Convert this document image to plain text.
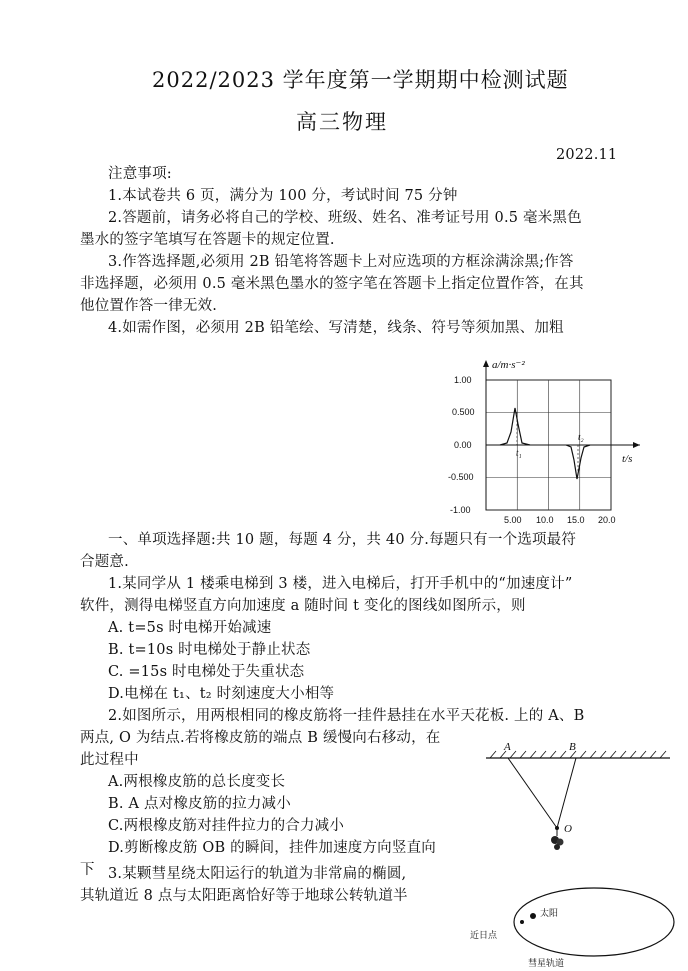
2022/2023 学年度第一学期期中检测试题
高三物理
2022.11
注意事项:
1.本试卷共 6 页，满分为 100 分，考试时间 75 分钟
2.答题前，请务必将自己的学校、班级、姓名、准考证号用 0.5 毫米黑色
墨水的签字笔填写在答题卡的规定位置.
3.作答选择题,必须用 2B 铅笔将答题卡上对应选项的方框涂满涂黑;作答
非选择题，必须用 0.5 毫米黑色墨水的签字笔在答题卡上指定位置作答，在其
他位置作答一律无效.
4.如需作图，必须用 2B 铅笔绘、写清楚，线条、符号等须加黑、加粗
a/m·s⁻²
t/s
1.00
0.500
0.00
-0.500
-1.00
5.00 10.0 15.0 20.0
t₁
t₂
一、单项选择题:共 10 题，每题 4 分，共 40 分.每题只有一个选项最符
合题意.
1.某同学从 1 楼乘电梯到 3 楼，进入电梯后，打开手机中的“加速度计”
软件，测得电梯竖直方向加速度 a 随时间 t 变化的图线如图所示，则
A. t=5s 时电梯开始减速
B. t=10s 时电梯处于静止状态
C. =15s 时电梯处于失重状态
D.电梯在 t₁、t₂ 时刻速度大小相等
2.如图所示，用两根相同的橡皮筋将一挂件悬挂在水平天花板. 上的 A、B
两点, O 为结点.若将橡皮筋的端点 B 缓慢向右移动，在
此过程中
A.两根橡皮筋的总长度变长
B. A 点对橡皮筋的拉力减小
C.两根橡皮筋对挂件拉力的合力减小
D.剪断橡皮筋 OB 的瞬间，挂件加速度方向竖直向
下
A	B
O
3.某颗彗星绕太阳运行的轨道为非常扁的椭圆,
其轨道近 8 点与太阳距离恰好等于地球公转轨道半
近日点
太阳
彗星轨道
